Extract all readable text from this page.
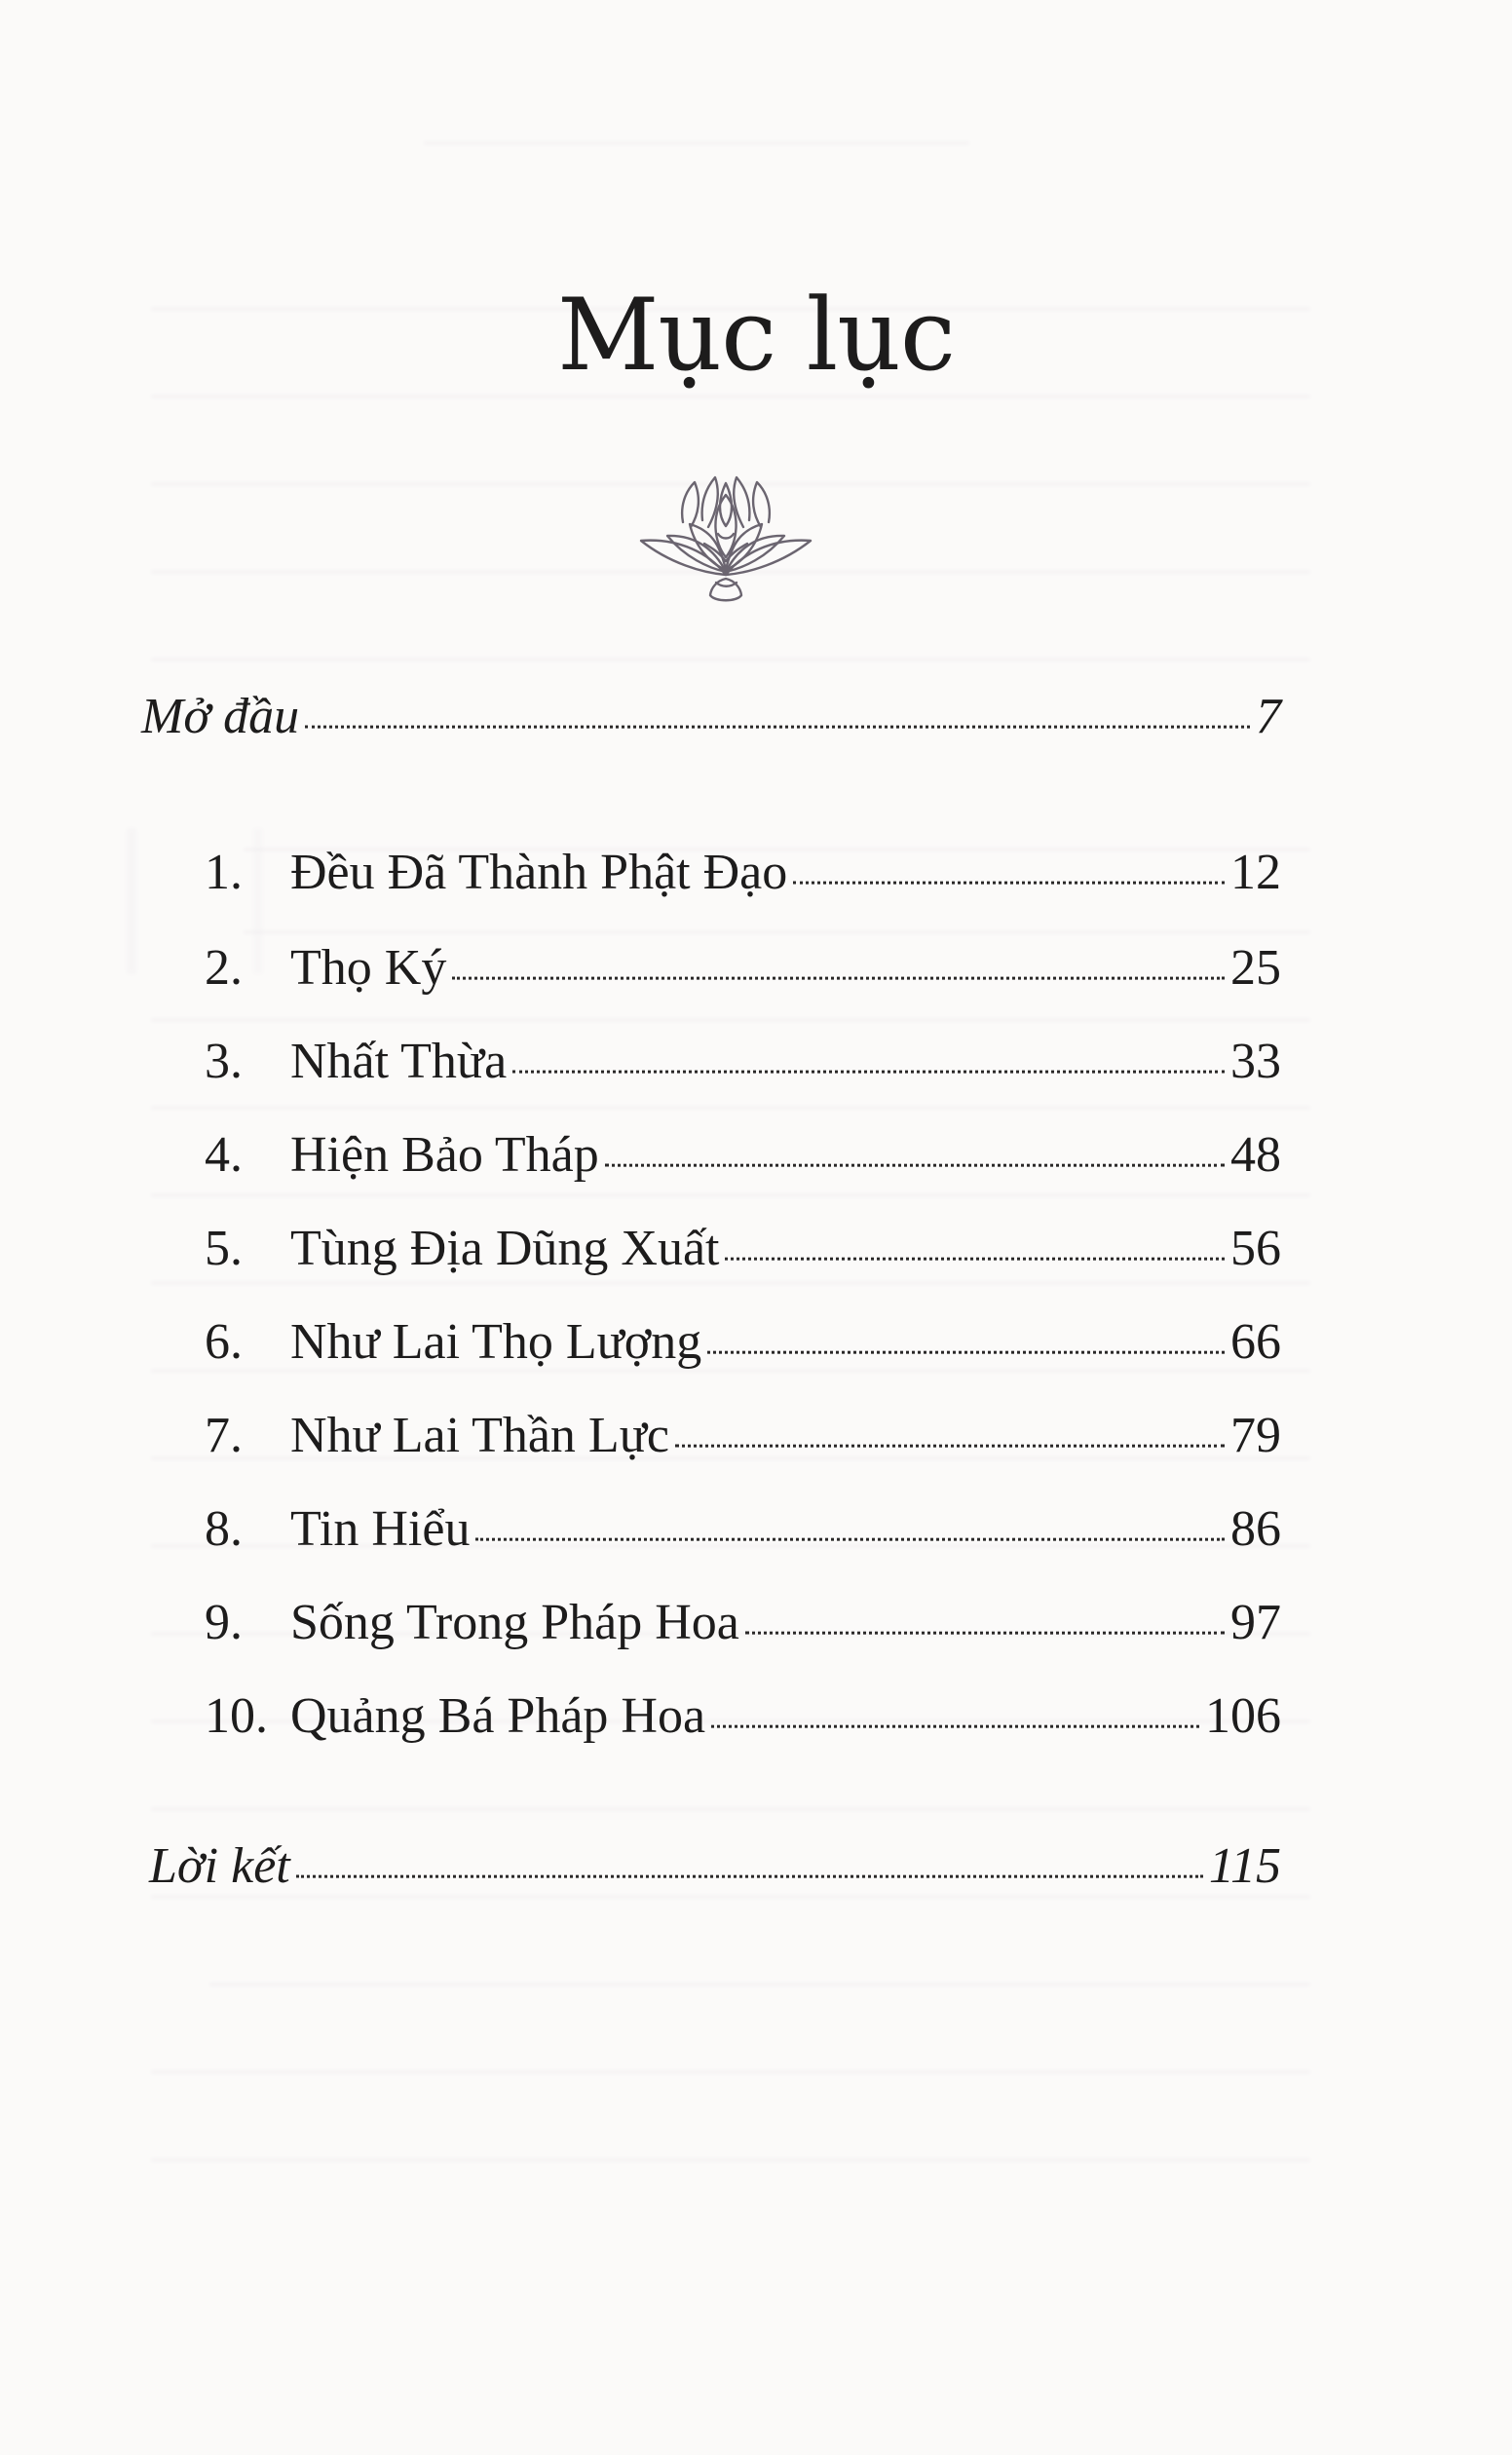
Mục lục
Mở đầu	7
1. Đều Đã Thành Phật Đạo	12
2. Thọ Ký	25
3. Nhất Thừa	33
4. Hiện Bảo Tháp	48
5. Tùng Địa Dũng Xuất	56
6. Như Lai Thọ Lượng	66
7. Như Lai Thần Lực	79
8. Tin Hiểu	86
9. Sống Trong Pháp Hoa	97
10. Quảng Bá Pháp Hoa	106
Lời kết	115
